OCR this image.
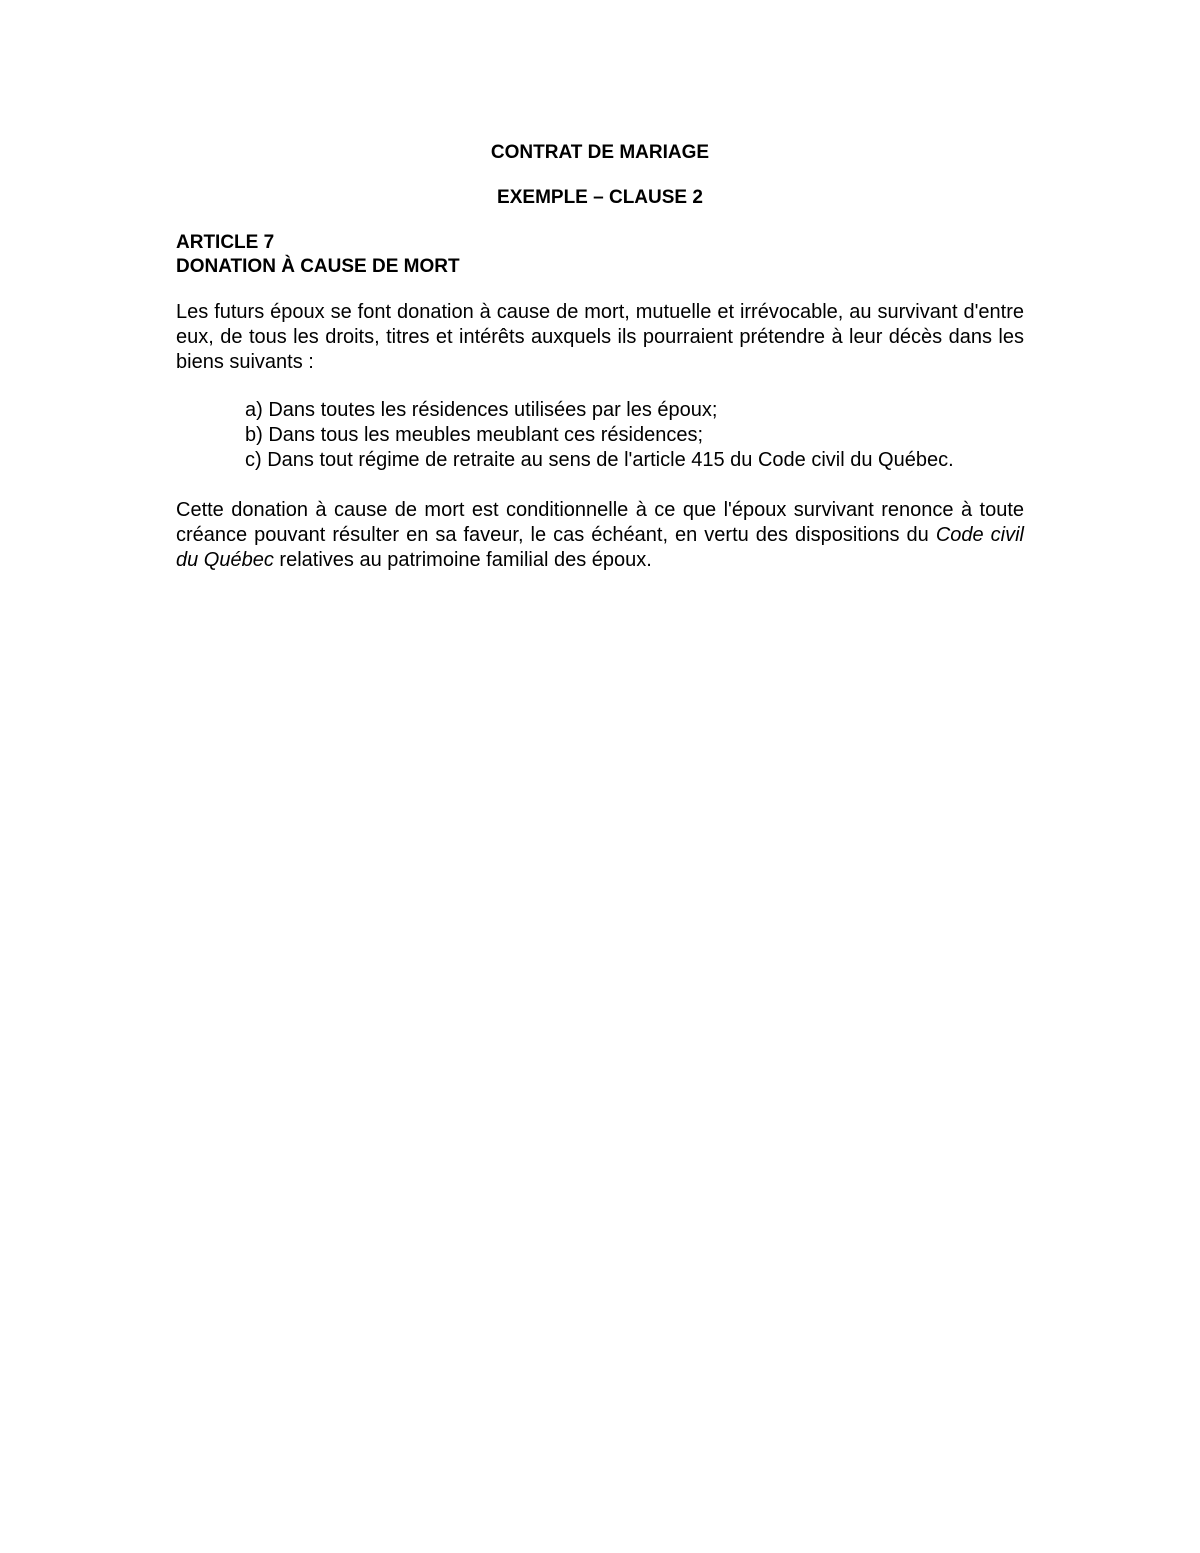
CONTRAT DE MARIAGE
EXEMPLE – CLAUSE 2
ARTICLE 7
DONATION À CAUSE DE MORT
Les futurs époux se font donation à cause de mort, mutuelle et irrévocable, au survivant d'entre eux, de tous les droits, titres et intérêts auxquels ils pourraient prétendre à leur décès dans les biens suivants :
a) Dans toutes les résidences utilisées par les époux;
b) Dans tous les meubles meublant ces résidences;
c) Dans tout régime de retraite au sens de l'article 415 du Code civil du Québec.
Cette donation à cause de mort est conditionnelle à ce que l'époux survivant renonce à toute créance pouvant résulter en sa faveur, le cas échéant, en vertu des dispositions du Code civil du Québec relatives au patrimoine familial des époux.
